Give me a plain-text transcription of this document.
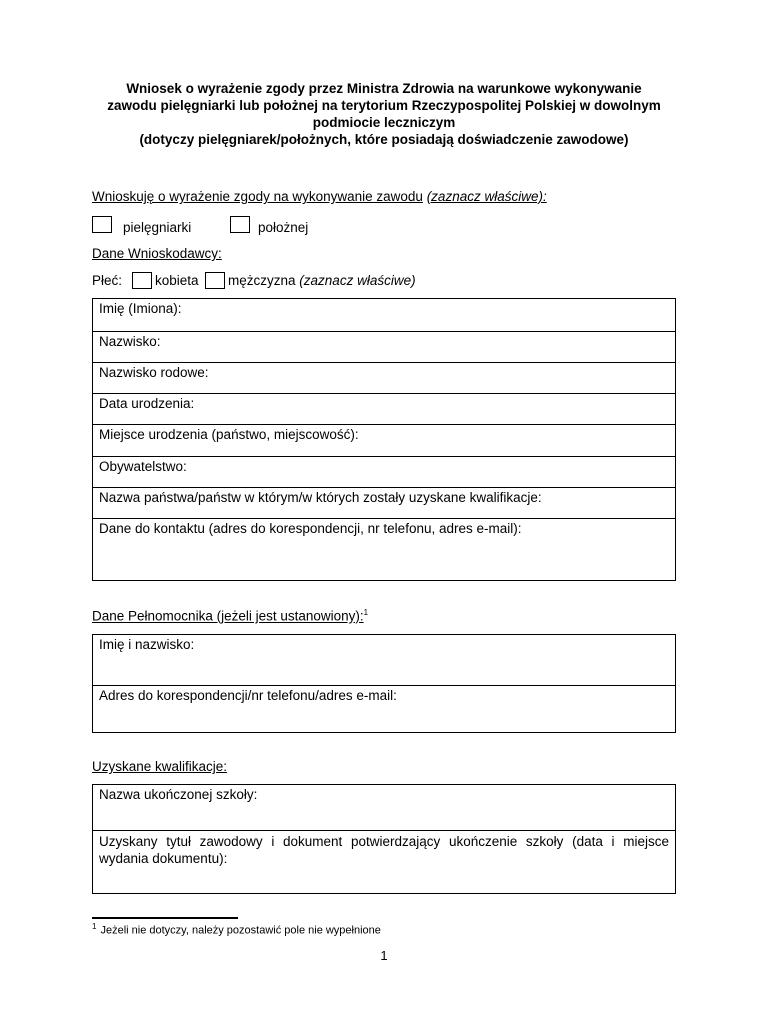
Wniosek o wyrażenie zgody przez Ministra Zdrowia na warunkowe wykonywanie
zawodu pielęgniarki lub położnej na terytorium Rzeczypospolitej Polskiej w dowolnym
podmiocie leczniczym
(dotyczy pielęgniarek/położnych, które posiadają doświadczenie zawodowe)
Wnioskuję o wyrażenie zgody na wykonywanie zawodu (zaznacz właściwe):
pielęgniarki	położnej
Dane Wnioskodawcy:
Płeć: kobieta mężczyzna (zaznacz właściwe)
Imię (Imiona):
Nazwisko:
Nazwisko rodowe:
Data urodzenia:
Miejsce urodzenia (państwo, miejscowość):
Obywatelstwo:
Nazwa państwa/państw w którym/w których zostały uzyskane kwalifikacje:
Dane do kontaktu (adres do korespondencji, nr telefonu, adres e-mail):
Dane Pełnomocnika (jeżeli jest ustanowiony):$^1$
Imię i nazwisko:
Adres do korespondencji/nr telefonu/adres e-mail:
Uzyskane kwalifikacje:
Nazwa ukończonej szkoły:
Uzyskany tytuł zawodowy i dokument potwierdzający ukończenie szkoły (data i miejsce wydania dokumentu):
$^1$ Jeżeli nie dotyczy, należy pozostawić pole nie wypełnione
1
